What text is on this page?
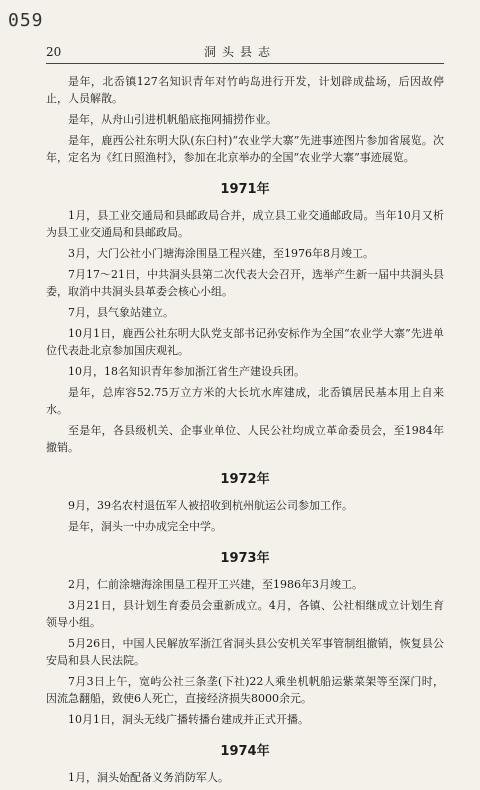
059
20	洞头县志

是年，北岙镇127名知识青年对竹屿岛进行开发，计划辟成盐场，后因故停止，人员解散。

是年，从舟山引进机帆船底拖网捕捞作业。

是年，鹿西公社东明大队(东臼村)“农业学大寨”先进事迹图片参加省展览。次年，定名为《红日照渔村》，参加在北京举办的全国“农业学大寨”事迹展览。

1971年

1月，县工业交通局和县邮政局合并，成立县工业交通邮政局。当年10月又析为县工业交通局和县邮政局。

3月，大门公社小门塘海涂围垦工程兴建，至1976年8月竣工。

7月17～21日，中共洞头县第二次代表大会召开，选举产生新一届中共洞头县委，取消中共洞头县革委会核心小组。

7月，县气象站建立。

10月1日，鹿西公社东明大队党支部书记孙安标作为全国“农业学大寨”先进单位代表赴北京参加国庆观礼。

10月，18名知识青年参加浙江省生产建设兵团。

是年，总库容52.75万立方米的大长坑水库建成，北岙镇居民基本用上自来水。

至是年，各县级机关、企事业单位、人民公社均成立革命委员会，至1984年撤销。

1972年

9月，39名农村退伍军人被招收到杭州航运公司参加工作。

是年，洞头一中办成完全中学。

1973年

2月，仁前涂塘海涂围垦工程开工兴建，至1986年3月竣工。

3月21日，县计划生育委员会重新成立。4月，各镇、公社相继成立计划生育领导小组。

5月26日，中国人民解放军浙江省洞头县公安机关军事管制组撤销，恢复县公安局和县人民法院。

7月3日上午，宽屿公社三条垄(下社)22人乘坐机帆船运紫菜架等至深门时，因流急翻船，致使6人死亡，直接经济损失8000余元。

10月1日，洞头无线广播转播台建成并正式开播。

1974年

1月，洞头始配备义务消防军人。
